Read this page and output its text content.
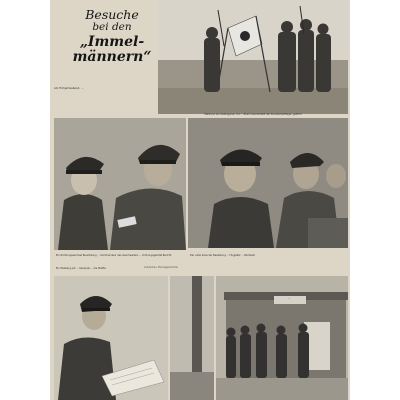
Besuche
bei den
„Immel-
männern“
Am Frühjahrsabend, ...
Während der Gefangenen mit ... Brand des Rollfeld der Sturzkampfflieger geführt
Ein Richtungswechsel Beurteilung ... Kommandeur des Geschwaders ... Ordnungsgemäß Bericht
Ein Mustang auf ... Generals ... die Staffel
Der nahe Kreis der Besatzung ... Flugplatz ... Rückkehr
Aufnahmen: PK-Kriegsberichter
...
